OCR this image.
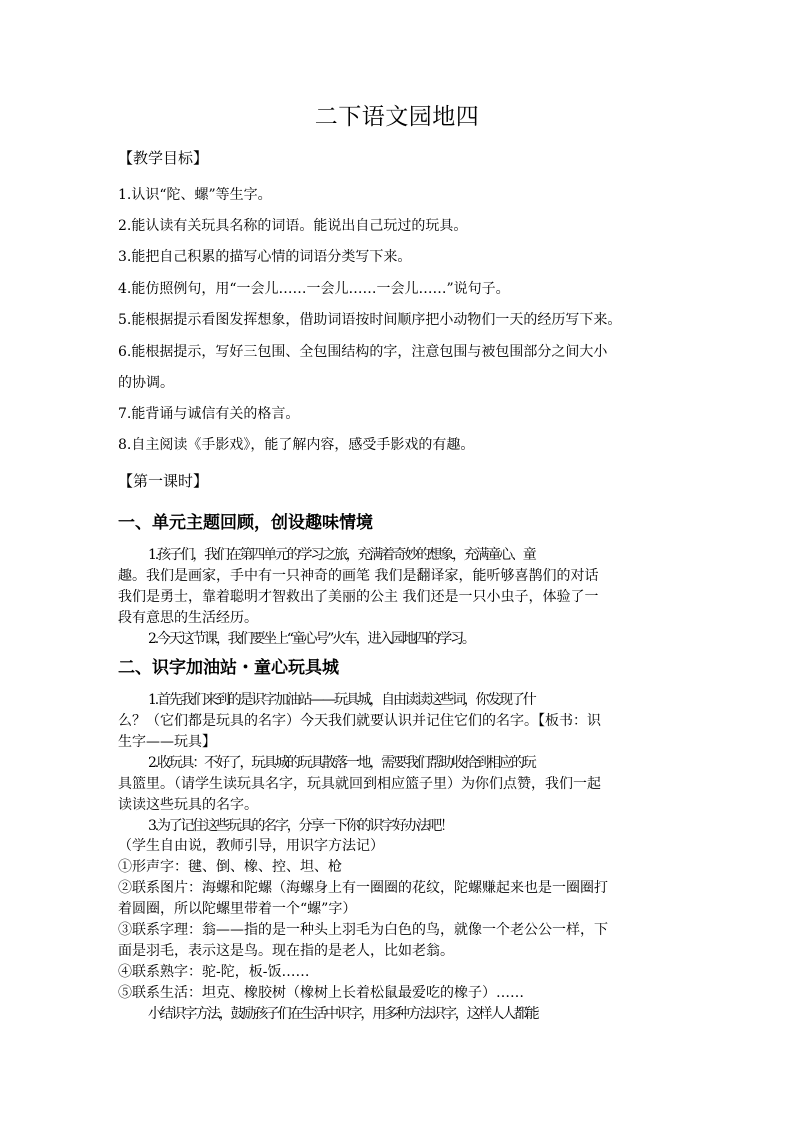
二下语文园地四
【教学目标】
1.认识“陀、螺”等生字。
2.能认读有关玩具名称的词语。能说出自己玩过的玩具。
3.能把自己积累的描写心情的词语分类写下来。
4.能仿照例句，用“一会儿……一会儿……一会儿……”说句子。
5.能根据提示看图发挥想象，借助词语按时间顺序把小动物们一天的经历写下来。
6.能根据提示，写好三包围、全包围结构的字，注意包围与被包围部分之间大小
的协调。
7.能背诵与诚信有关的格言。
8.自主阅读《手影戏》，能了解内容，感受手影戏的有趣。
【第一课时】
一、单元主题回顾，创设趣味情境
1.孩子们，我们在第四单元的学习之旅，充满着奇妙的想象，充满童心、童
趣。我们是画家，手中有一只神奇的画笔 我们是翻译家，能听够喜鹊们的对话
我们是勇士，靠着聪明才智救出了美丽的公主 我们还是一只小虫子，体验了一
段有意思的生活经历。
2.今天这节课，我们要坐上“童心号”火车，进入园地四的学习。
二、识字加油站・童心玩具城
1.首先我们来到的是识字加油站——玩具城，自由读读这些词，你发现了什
么？（它们都是玩具的名字）今天我们就要认识并记住它们的名字。【板书：识
生字——玩具】
2.收玩具：不好了，玩具城的玩具散落一地，需要我们帮助收拾到相应的玩
具篮里。（请学生读玩具名字，玩具就回到相应篮子里）为你们点赞，我们一起
读读这些玩具的名字。
3.为了记住这些玩具的名字，分享一下你的识字好办法吧！
（学生自由说，教师引导，用识字方法记）
①形声字：毽、倒、橡、控、坦、枪
②联系图片：海螺和陀螺（海螺身上有一圈圈的花纹，陀螺赚起来也是一圈圈打
着圆圈，所以陀螺里带着一个“螺”字）
③联系字理：翁——指的是一种头上羽毛为白色的鸟，就像一个老公公一样，下
面是羽毛，表示这是鸟。现在指的是老人，比如老翁。
④联系熟字：驼-陀，板-饭……
⑤联系生活：坦克、橡胶树（橡树上长着松鼠最爱吃的橡子）……
小结识字方法，鼓励孩子们在生活中识字，用多种方法识字，这样人人都能
